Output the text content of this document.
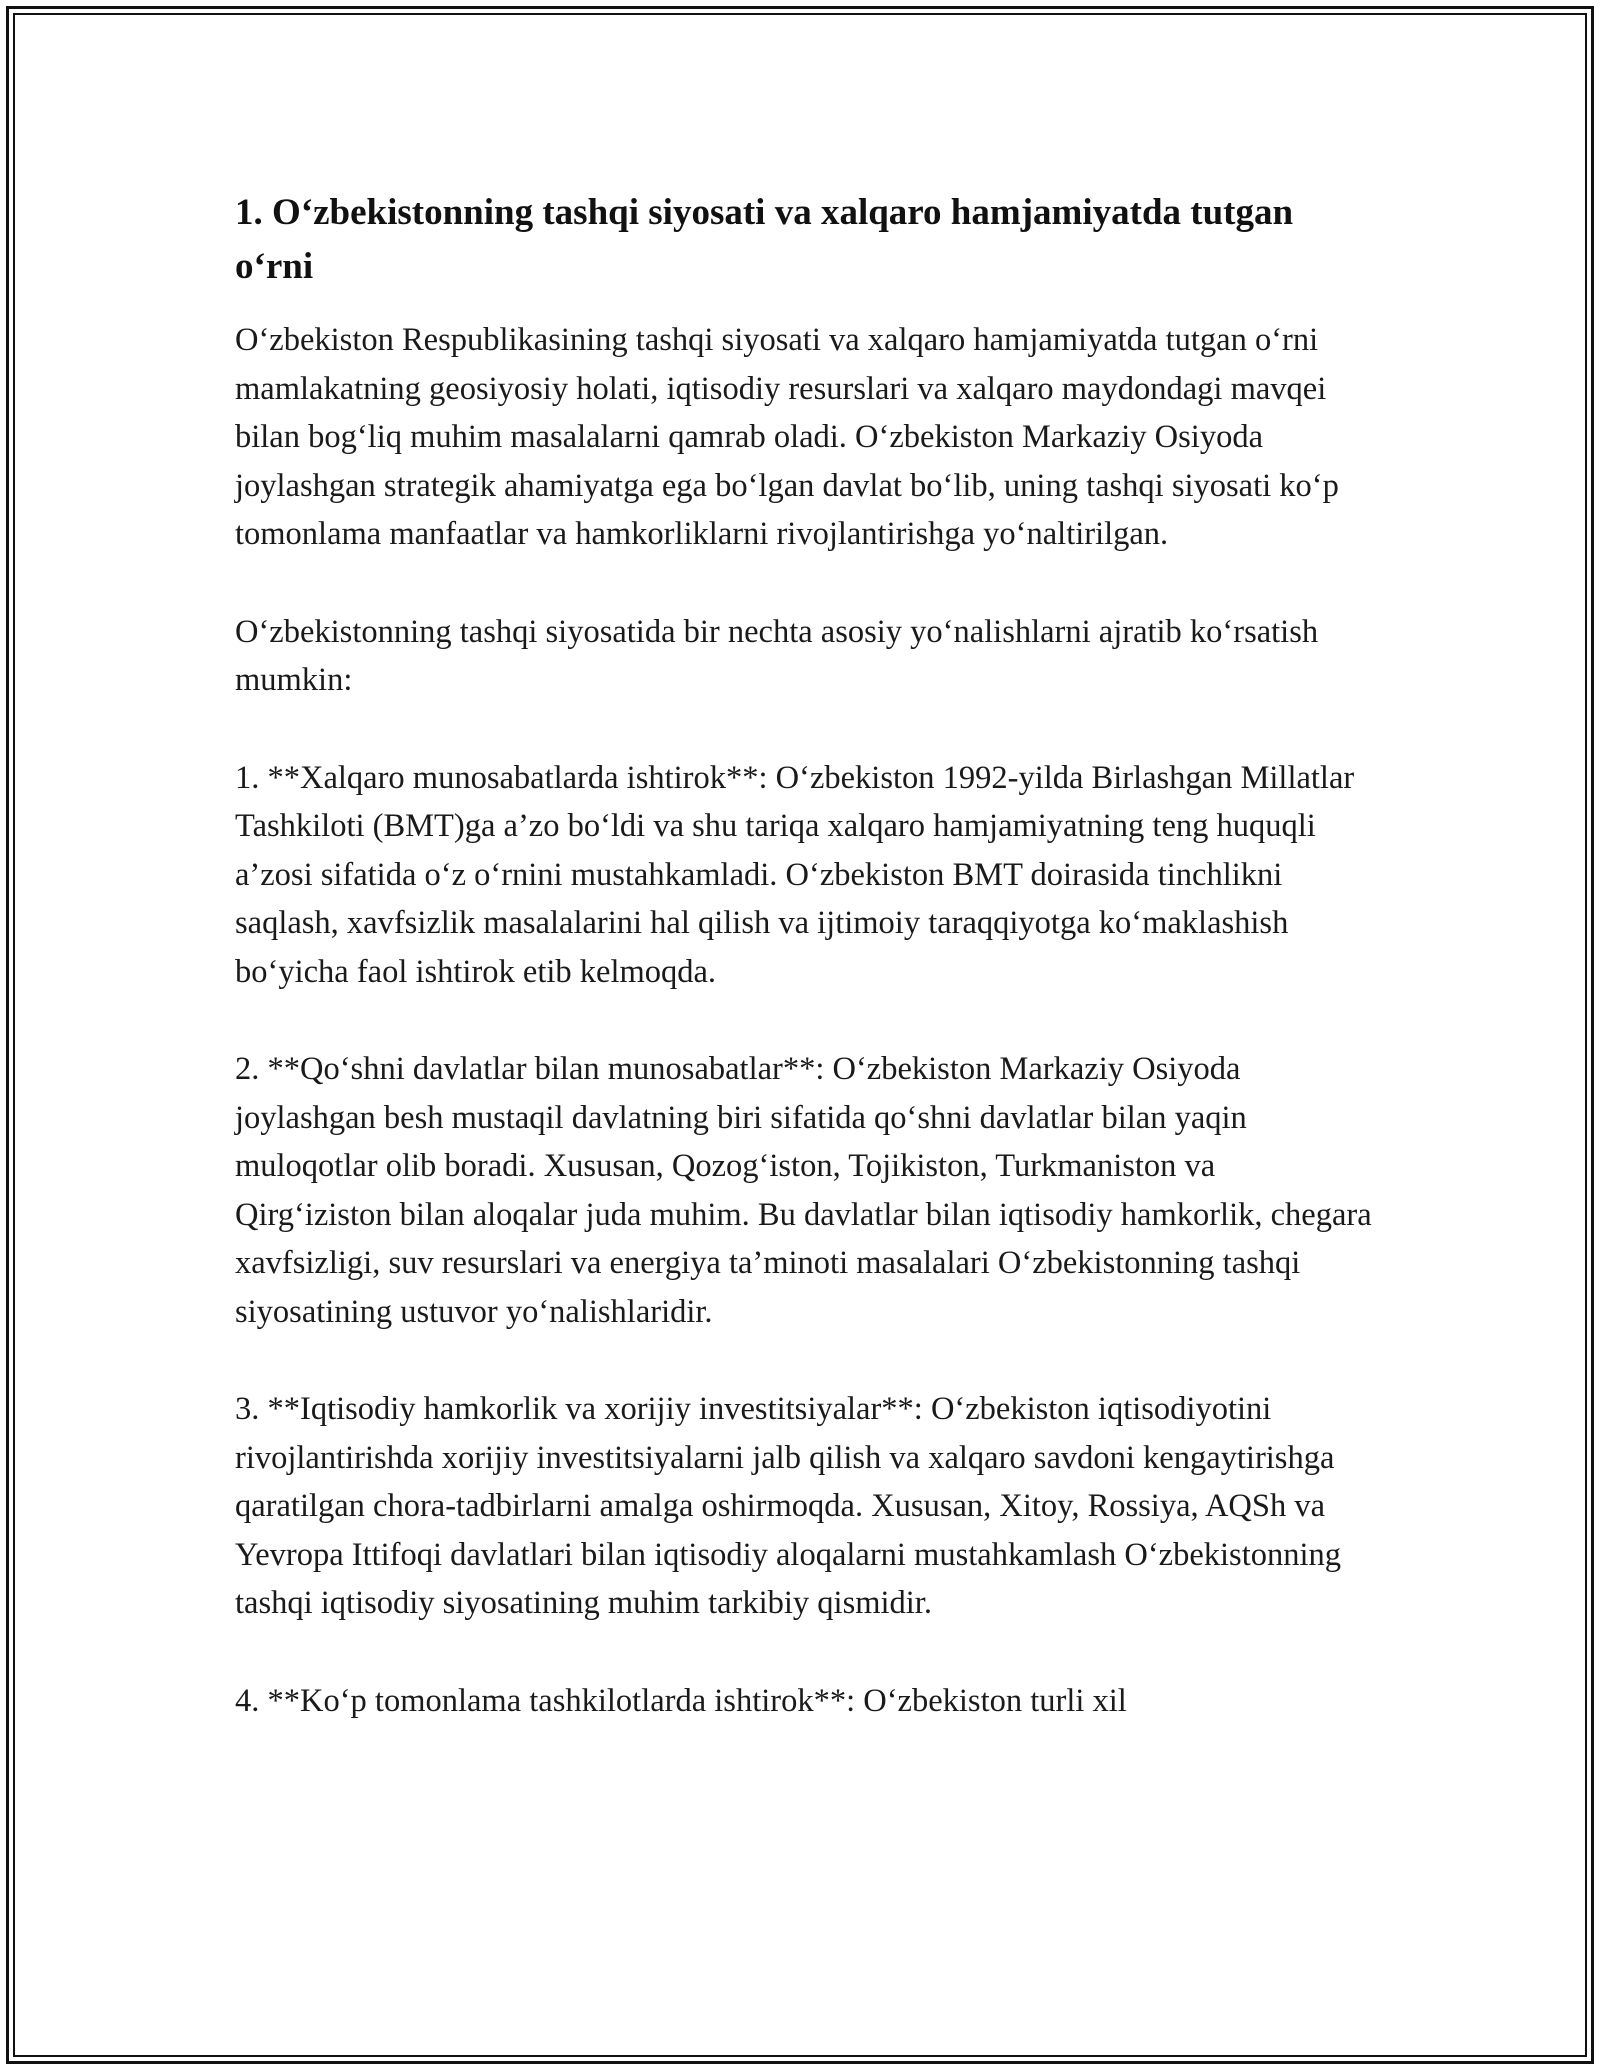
1. O‘zbekistonning tashqi siyosati va xalqaro hamjamiyatda tutgan o‘rni

O‘zbekiston Respublikasining tashqi siyosati va xalqaro hamjamiyatda tutgan o‘rni mamlakatning geosiyosiy holati, iqtisodiy resurslari va xalqaro maydondagi mavqei bilan bog‘liq muhim masalalarni qamrab oladi. O‘zbekiston Markaziy Osiyoda joylashgan strategik ahamiyatga ega bo‘lgan davlat bo‘lib, uning tashqi siyosati ko‘p tomonlama manfaatlar va hamkorliklarni rivojlantirishga yo‘naltirilgan.

O‘zbekistonning tashqi siyosatida bir nechta asosiy yo‘nalishlarni ajratib ko‘rsatish mumkin:

1. **Xalqaro munosabatlarda ishtirok**: O‘zbekiston 1992-yilda Birlashgan Millatlar Tashkiloti (BMT)ga a’zo bo‘ldi va shu tariqa xalqaro hamjamiyatning teng huquqli a’zosi sifatida o‘z o‘rnini mustahkamladi. O‘zbekiston BMT doirasida tinchlikni saqlash, xavfsizlik masalalarini hal qilish va ijtimoiy taraqqiyotga ko‘maklashish bo‘yicha faol ishtirok etib kelmoqda.

2. **Qo‘shni davlatlar bilan munosabatlar**: O‘zbekiston Markaziy Osiyoda joylashgan besh mustaqil davlatning biri sifatida qo‘shni davlatlar bilan yaqin muloqotlar olib boradi. Xususan, Qozog‘iston, Tojikiston, Turkmaniston va Qirg‘iziston bilan aloqalar juda muhim. Bu davlatlar bilan iqtisodiy hamkorlik, chegara xavfsizligi, suv resurslari va energiya ta’minoti masalalari O‘zbekistonning tashqi siyosatining ustuvor yo‘nalishlaridir.

3. **Iqtisodiy hamkorlik va xorijiy investitsiyalar**: O‘zbekiston iqtisodiyotini rivojlantirishda xorijiy investitsiyalarni jalb qilish va xalqaro savdoni kengaytirishga qaratilgan chora-tadbirlarni amalga oshirmoqda. Xususan, Xitoy, Rossiya, AQSh va Yevropa Ittifoqi davlatlari bilan iqtisodiy aloqalarni mustahkamlash O‘zbekistonning tashqi iqtisodiy siyosatining muhim tarkibiy qismidir.

4. **Ko‘p tomonlama tashkilotlarda ishtirok**: O‘zbekiston turli xil
